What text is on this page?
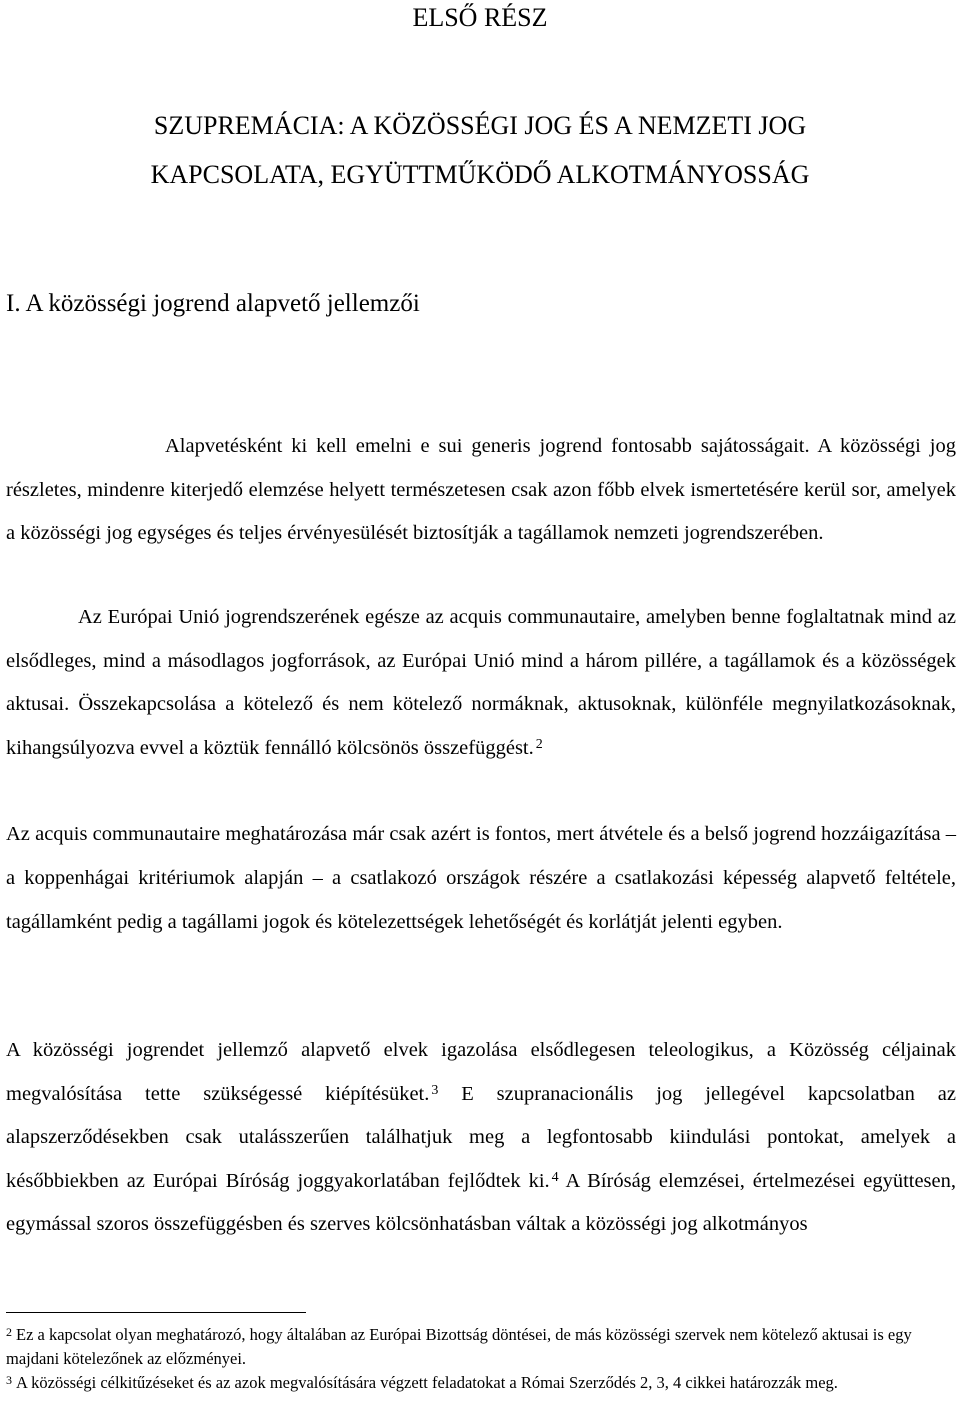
ELSŐ RÉSZ
SZUPREMÁCIA: A KÖZÖSSÉGI JOG ÉS A NEMZETI JOG
KAPCSOLATA, EGYÜTTMŰKÖDŐ ALKOTMÁNYOSSÁG
I. A közösségi jogrend alapvető jellemzői

Alapvetésként ki kell emelni e sui generis jogrend fontosabb sajátosságait. A közösségi jog részletes, mindenre kiterjedő elemzése helyett természetesen csak azon főbb elvek ismertetésére kerül sor, amelyek a közösségi jog egységes és teljes érvényesülését biztosítják a tagállamok nemzeti jogrendszerében.

Az Európai Unió jogrendszerének egésze az acquis communautaire, amelyben benne foglaltatnak mind az elsődleges, mind a másodlagos jogforrások, az Európai Unió mind a három pillére, a tagállamok és a közösségek aktusai. Összekapcsolása a kötelező és nem kötelező normáknak, aktusoknak, különféle megnyilatkozásoknak, kihangsúlyozva evvel a köztük fennálló kölcsönös összefüggést. $^2$

Az acquis communautaire meghatározása már csak azért is fontos, mert átvétele és a belső jogrend hozzáigazítása – a koppenhágai kritériumok alapján – a csatlakozó országok részére a csatlakozási képesség alapvető feltétele, tagállamként pedig a tagállami jogok és kötelezettségek lehetőségét és korlátját jelenti egyben.

A közösségi jogrendet jellemző alapvető elvek igazolása elsődlegesen teleologikus, a Közösség céljainak megvalósítása tette szükségessé kiépítésüket. $^3$ E szupranacionális jog jellegével kapcsolatban az alapszerződésekben csak utalásszerűen találhatjuk meg a legfontosabb kiindulási pontokat, amelyek a későbbiekben az Európai Bíróság joggyakorlatában fejlődtek ki. $^4$ A Bíróság elemzései, értelmezései együttesen, egymással szoros összefüggésben és szerves kölcsönhatásban váltak a közösségi jog alkotmányos

$^2$ Ez a kapcsolat olyan meghatározó, hogy általában az Európai Bizottság döntései, de más közösségi szervek nem kötelező aktusai is egy majdani kötelezőnek az előzményei.

$^3$ A közösségi célkitűzéseket és az azok megvalósítására végzett feladatokat a Római Szerződés 2, 3, 4 cikkei határozzák meg.
